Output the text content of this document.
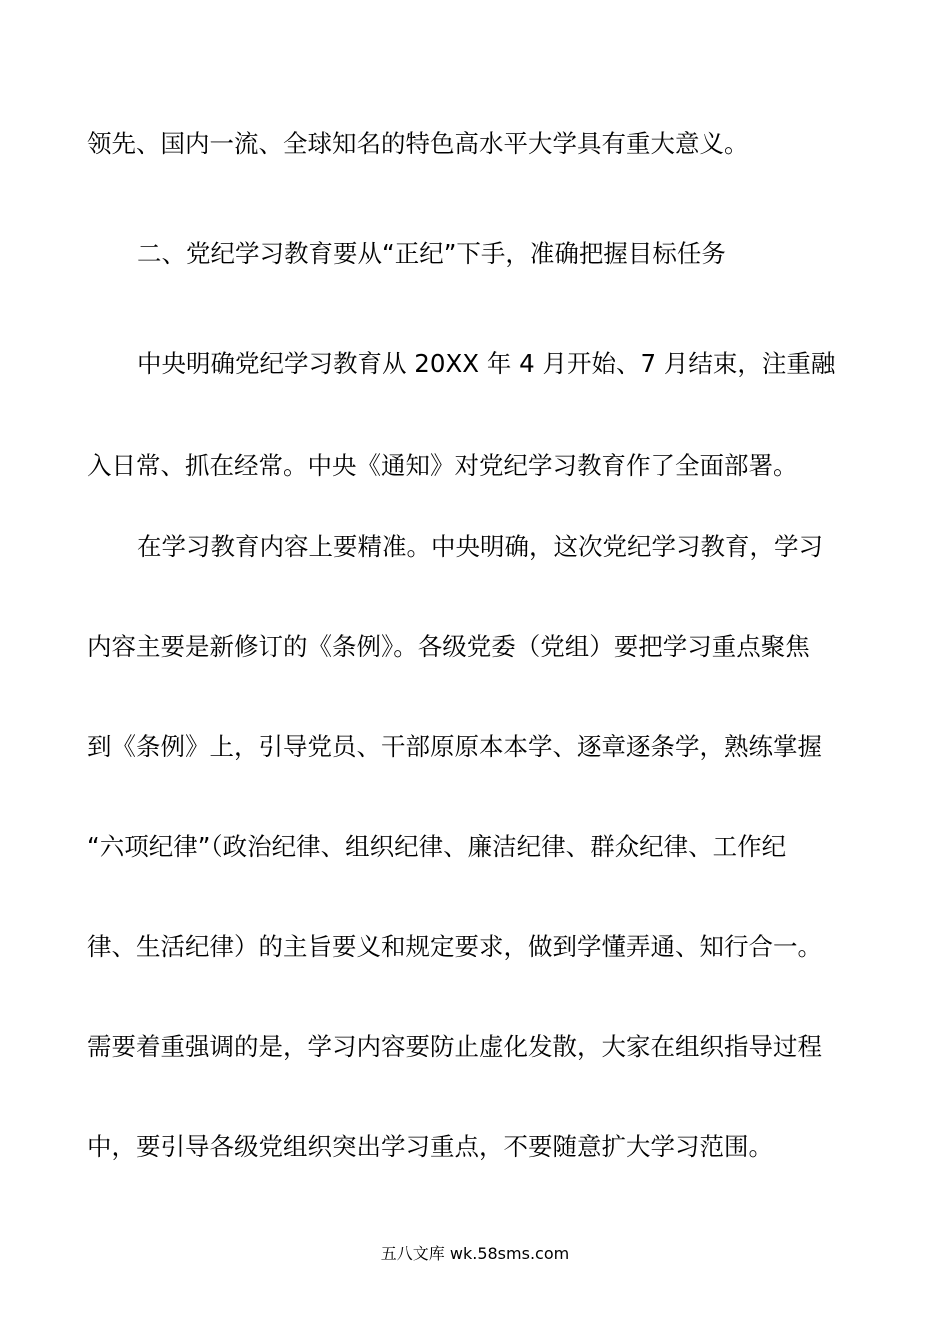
领先、国内一流、全球知名的特色高水平大学具有重大意义。
二、党纪学习教育要从“正纪”下手，准确把握目标任务
中央明确党纪学习教育从 20XX 年 4 月开始、7 月结束，注重融
入日常、抓在经常。中央《通知》对党纪学习教育作了全面部署。
在学习教育内容上要精准。中央明确，这次党纪学习教育，学习
内容主要是新修订的《条例》。各级党委（党组）要把学习重点聚焦
到《条例》上，引导党员、干部原原本本学、逐章逐条学，熟练掌握
“六项纪律”（政治纪律、组织纪律、廉洁纪律、群众纪律、工作纪
律、生活纪律）的主旨要义和规定要求，做到学懂弄通、知行合一。
需要着重强调的是，学习内容要防止虚化发散，大家在组织指导过程
中，要引导各级党组织突出学习重点，不要随意扩大学习范围。
五八文库 wk.58sms.com
